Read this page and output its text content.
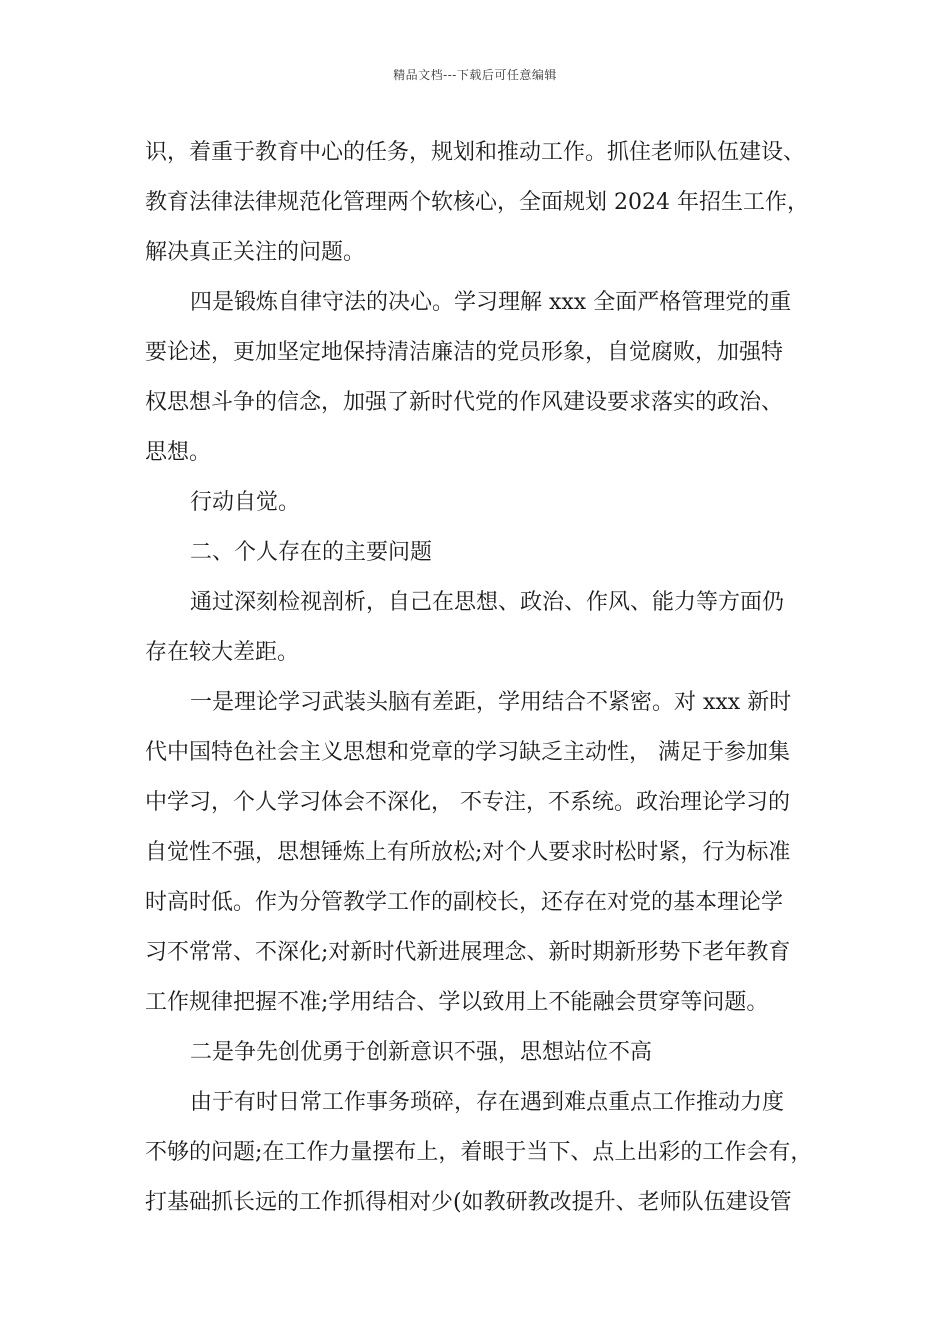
精品文档---下载后可任意编辑
识，着重于教育中心的任务，规划和推动工作。抓住老师队伍建设、
教育法律法律规范化管理两个软核心，全面规划 2024 年招生工作，
解决真正关注的问题。
四是锻炼自律守法的决心。学习理解 xxx 全面严格管理党的重
要论述，更加坚定地保持清洁廉洁的党员形象，自觉腐败，加强特
权思想斗争的信念，加强了新时代党的作风建设要求落实的政治、
思想。
行动自觉。
二、个人存在的主要问题
通过深刻检视剖析，自己在思想、政治、作风、能力等方面仍
存在较大差距。
一是理论学习武装头脑有差距，学用结合不紧密。对 xxx 新时
代中国特色社会主义思想和党章的学习缺乏主动性， 满足于参加集
中学习，个人学习体会不深化， 不专注，不系统。政治理论学习的
自觉性不强，思想锤炼上有所放松;对个人要求时松时紧，行为标准
时高时低。作为分管教学工作的副校长，还存在对党的基本理论学
习不常常、不深化;对新时代新进展理念、新时期新形势下老年教育
工作规律把握不准;学用结合、学以致用上不能融会贯穿等问题。
二是争先创优勇于创新意识不强，思想站位不高
由于有时日常工作事务琐碎，存在遇到难点重点工作推动力度
不够的问题;在工作力量摆布上，着眼于当下、点上出彩的工作会有，
打基础抓长远的工作抓得相对少(如教研教改提升、老师队伍建设管
